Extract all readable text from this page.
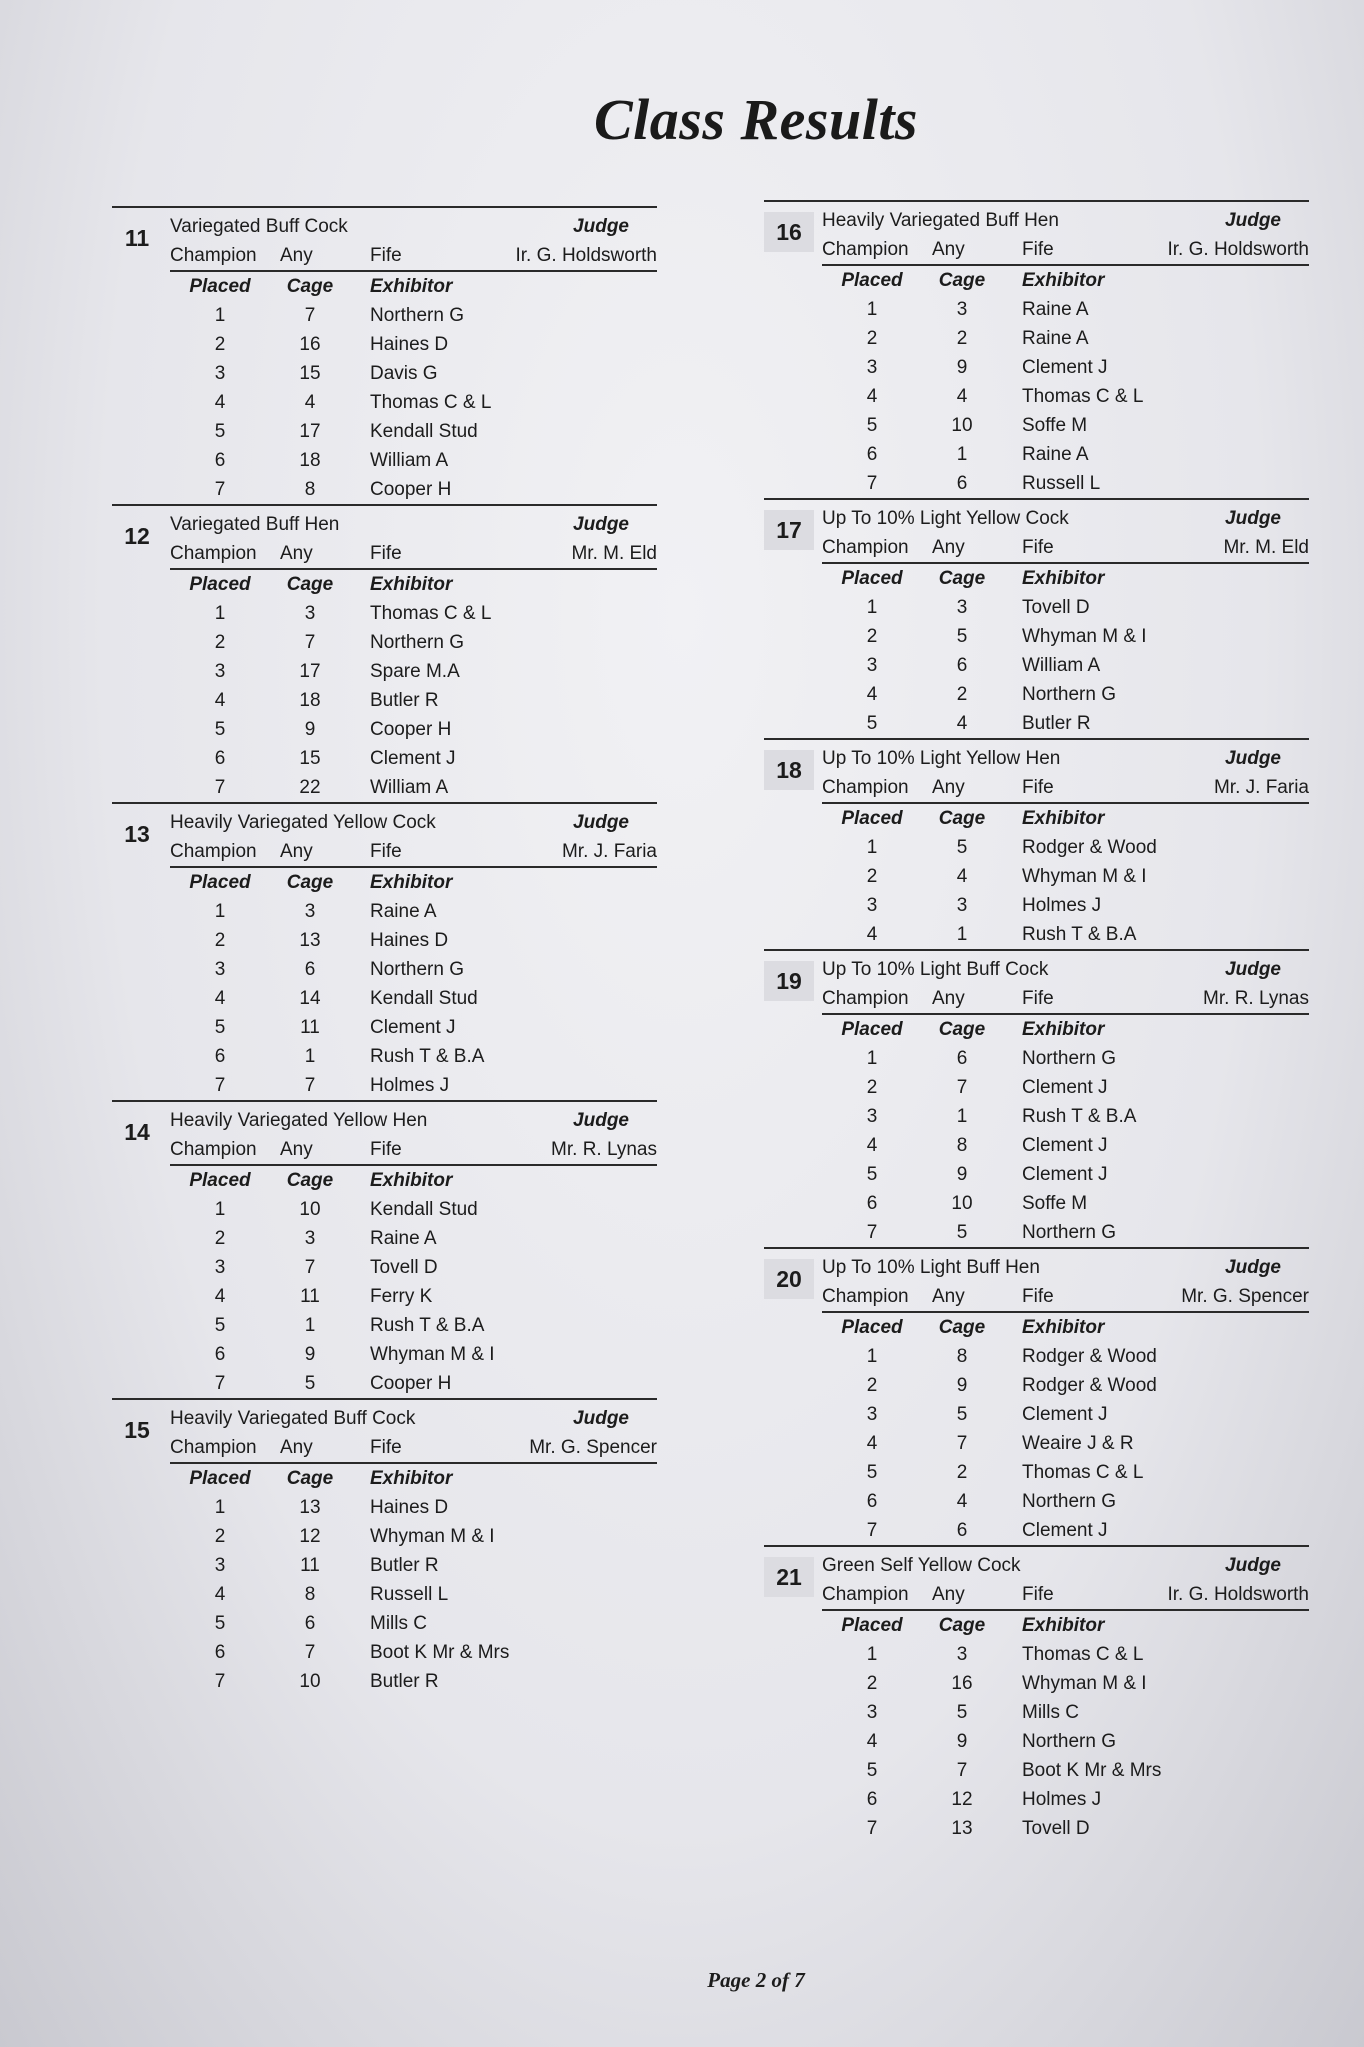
Class Results
11	Variegated Buff Cock	Judge
Champion	Any	Fife	Ir. G. Holdsworth
Placed	Cage	Exhibitor
1	7	Northern G
2	16	Haines D
3	15	Davis G
4	4	Thomas C & L
5	17	Kendall Stud
6	18	William A
7	8	Cooper H
12	Variegated Buff Hen	Judge
Champion	Any	Fife	Mr. M. Eld
Placed	Cage	Exhibitor
1	3	Thomas C & L
2	7	Northern G
3	17	Spare M.A
4	18	Butler R
5	9	Cooper H
6	15	Clement J
7	22	William A
13	Heavily Variegated Yellow Cock	Judge
Champion	Any	Fife	Mr. J. Faria
Placed	Cage	Exhibitor
1	3	Raine A
2	13	Haines D
3	6	Northern G
4	14	Kendall Stud
5	11	Clement J
6	1	Rush T & B.A
7	7	Holmes J
14	Heavily Variegated Yellow Hen	Judge
Champion	Any	Fife	Mr. R. Lynas
Placed	Cage	Exhibitor
1	10	Kendall Stud
2	3	Raine A
3	7	Tovell D
4	11	Ferry K
5	1	Rush T & B.A
6	9	Whyman M & I
7	5	Cooper H
15	Heavily Variegated Buff Cock	Judge
Champion	Any	Fife	Mr. G. Spencer
Placed	Cage	Exhibitor
1	13	Haines D
2	12	Whyman M & I
3	11	Butler R
4	8	Russell L
5	6	Mills C
6	7	Boot K Mr & Mrs
7	10	Butler R
16	Heavily Variegated Buff Hen	Judge
Champion	Any	Fife	Ir. G. Holdsworth
Placed	Cage	Exhibitor
1	3	Raine A
2	2	Raine A
3	9	Clement J
4	4	Thomas C & L
5	10	Soffe M
6	1	Raine A
7	6	Russell L
17	Up To 10% Light Yellow Cock	Judge
Champion	Any	Fife	Mr. M. Eld
Placed	Cage	Exhibitor
1	3	Tovell D
2	5	Whyman M & I
3	6	William A
4	2	Northern G
5	4	Butler R
18	Up To 10% Light Yellow Hen	Judge
Champion	Any	Fife	Mr. J. Faria
Placed	Cage	Exhibitor
1	5	Rodger & Wood
2	4	Whyman M & I
3	3	Holmes J
4	1	Rush T & B.A
19	Up To 10% Light Buff Cock	Judge
Champion	Any	Fife	Mr. R. Lynas
Placed	Cage	Exhibitor
1	6	Northern G
2	7	Clement J
3	1	Rush T & B.A
4	8	Clement J
5	9	Clement J
6	10	Soffe M
7	5	Northern G
20	Up To 10% Light Buff Hen	Judge
Champion	Any	Fife	Mr. G. Spencer
Placed	Cage	Exhibitor
1	8	Rodger & Wood
2	9	Rodger & Wood
3	5	Clement J
4	7	Weaire J & R
5	2	Thomas C & L
6	4	Northern G
7	6	Clement J
21	Green Self Yellow Cock	Judge
Champion	Any	Fife	Ir. G. Holdsworth
Placed	Cage	Exhibitor
1	3	Thomas C & L
2	16	Whyman M & I
3	5	Mills C
4	9	Northern G
5	7	Boot K Mr & Mrs
6	12	Holmes J
7	13	Tovell D
Page 2 of 7
